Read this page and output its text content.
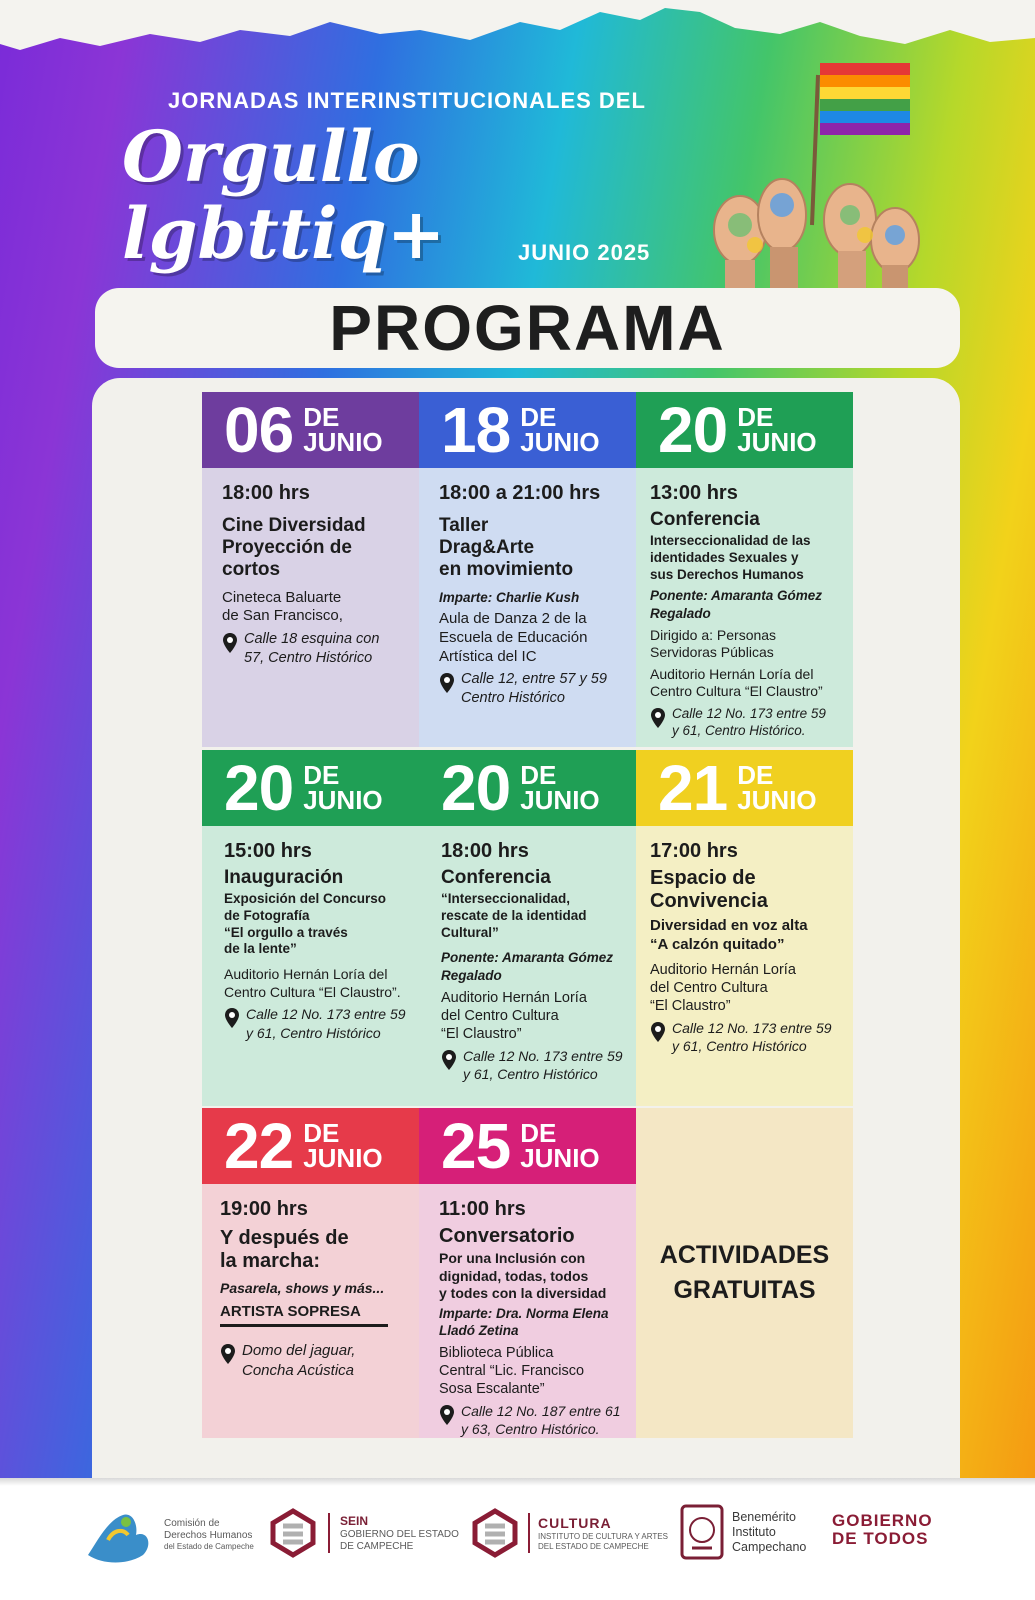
JORNADAS INTERINSTITUCIONALES DEL
Orgullo lgbttiq+	JUNIO 2025
PROGRAMA
06 DE
JUNIO
18:00 hrs
Cine Diversidad
Proyección de
cortos
Cineteca Baluarte
de San Francisco,
Calle 18 esquina con
57, Centro Histórico
18 DE
JUNIO
18:00 a 21:00 hrs
Taller
Drag&Arte
en movimiento
Imparte: Charlie Kush
Aula de Danza 2 de la
Escuela de Educación
Artística del IC
Calle 12, entre 57 y 59
Centro Histórico
20 DE
JUNIO
13:00 hrs
Conferencia
Interseccionalidad de las
identidades Sexuales y
sus Derechos Humanos
Ponente: Amaranta Gómez
Regalado
Dirigido a: Personas
Servidoras Públicas
Auditorio Hernán Loría del
Centro Cultura “El Claustro”
Calle 12 No. 173 entre 59
y 61, Centro Histórico.
20 DE
JUNIO
15:00 hrs
Inauguración
Exposición del Concurso
de Fotografía
“El orgullo a través
de la lente”
Auditorio Hernán Loría del
Centro Cultura “El Claustro”.
Calle 12 No. 173 entre 59
y 61, Centro Histórico
20 DE
JUNIO
18:00 hrs
Conferencia
“Interseccionalidad,
rescate de la identidad
Cultural”
Ponente: Amaranta Gómez
Regalado
Auditorio Hernán Loría
del Centro Cultura
“El Claustro”
Calle 12 No. 173 entre 59
y 61, Centro Histórico
21 DE
JUNIO
17:00 hrs
Espacio de
Convivencia
Diversidad en voz alta
“A calzón quitado”
Auditorio Hernán Loría
del Centro Cultura
“El Claustro”
Calle 12 No. 173 entre 59
y 61, Centro Histórico
22 DE
JUNIO
19:00 hrs
Y después de
la marcha:
Pasarela, shows y más...
ARTISTA SOPRESA
Domo del jaguar,
Concha Acústica
25 DE
JUNIO
11:00 hrs
Conversatorio
Por una Inclusión con
dignidad, todas, todos
y todes con la diversidad
Imparte: Dra. Norma Elena
Lladó Zetina
Biblioteca Pública
Central “Lic. Francisco
Sosa Escalante”
Calle 12 No. 187 entre 61
y 63, Centro Histórico.
ACTIVIDADES
GRATUITAS
Comisión de
Derechos Humanos
del Estado de Campeche
SEIN
GOBIERNO DEL ESTADO
DE CAMPECHE
CULTURA
INSTITUTO DE CULTURA Y ARTES
DEL ESTADO DE CAMPECHE
Benemérito
Instituto
Campechano
GOBIERNO
DE TODOS
